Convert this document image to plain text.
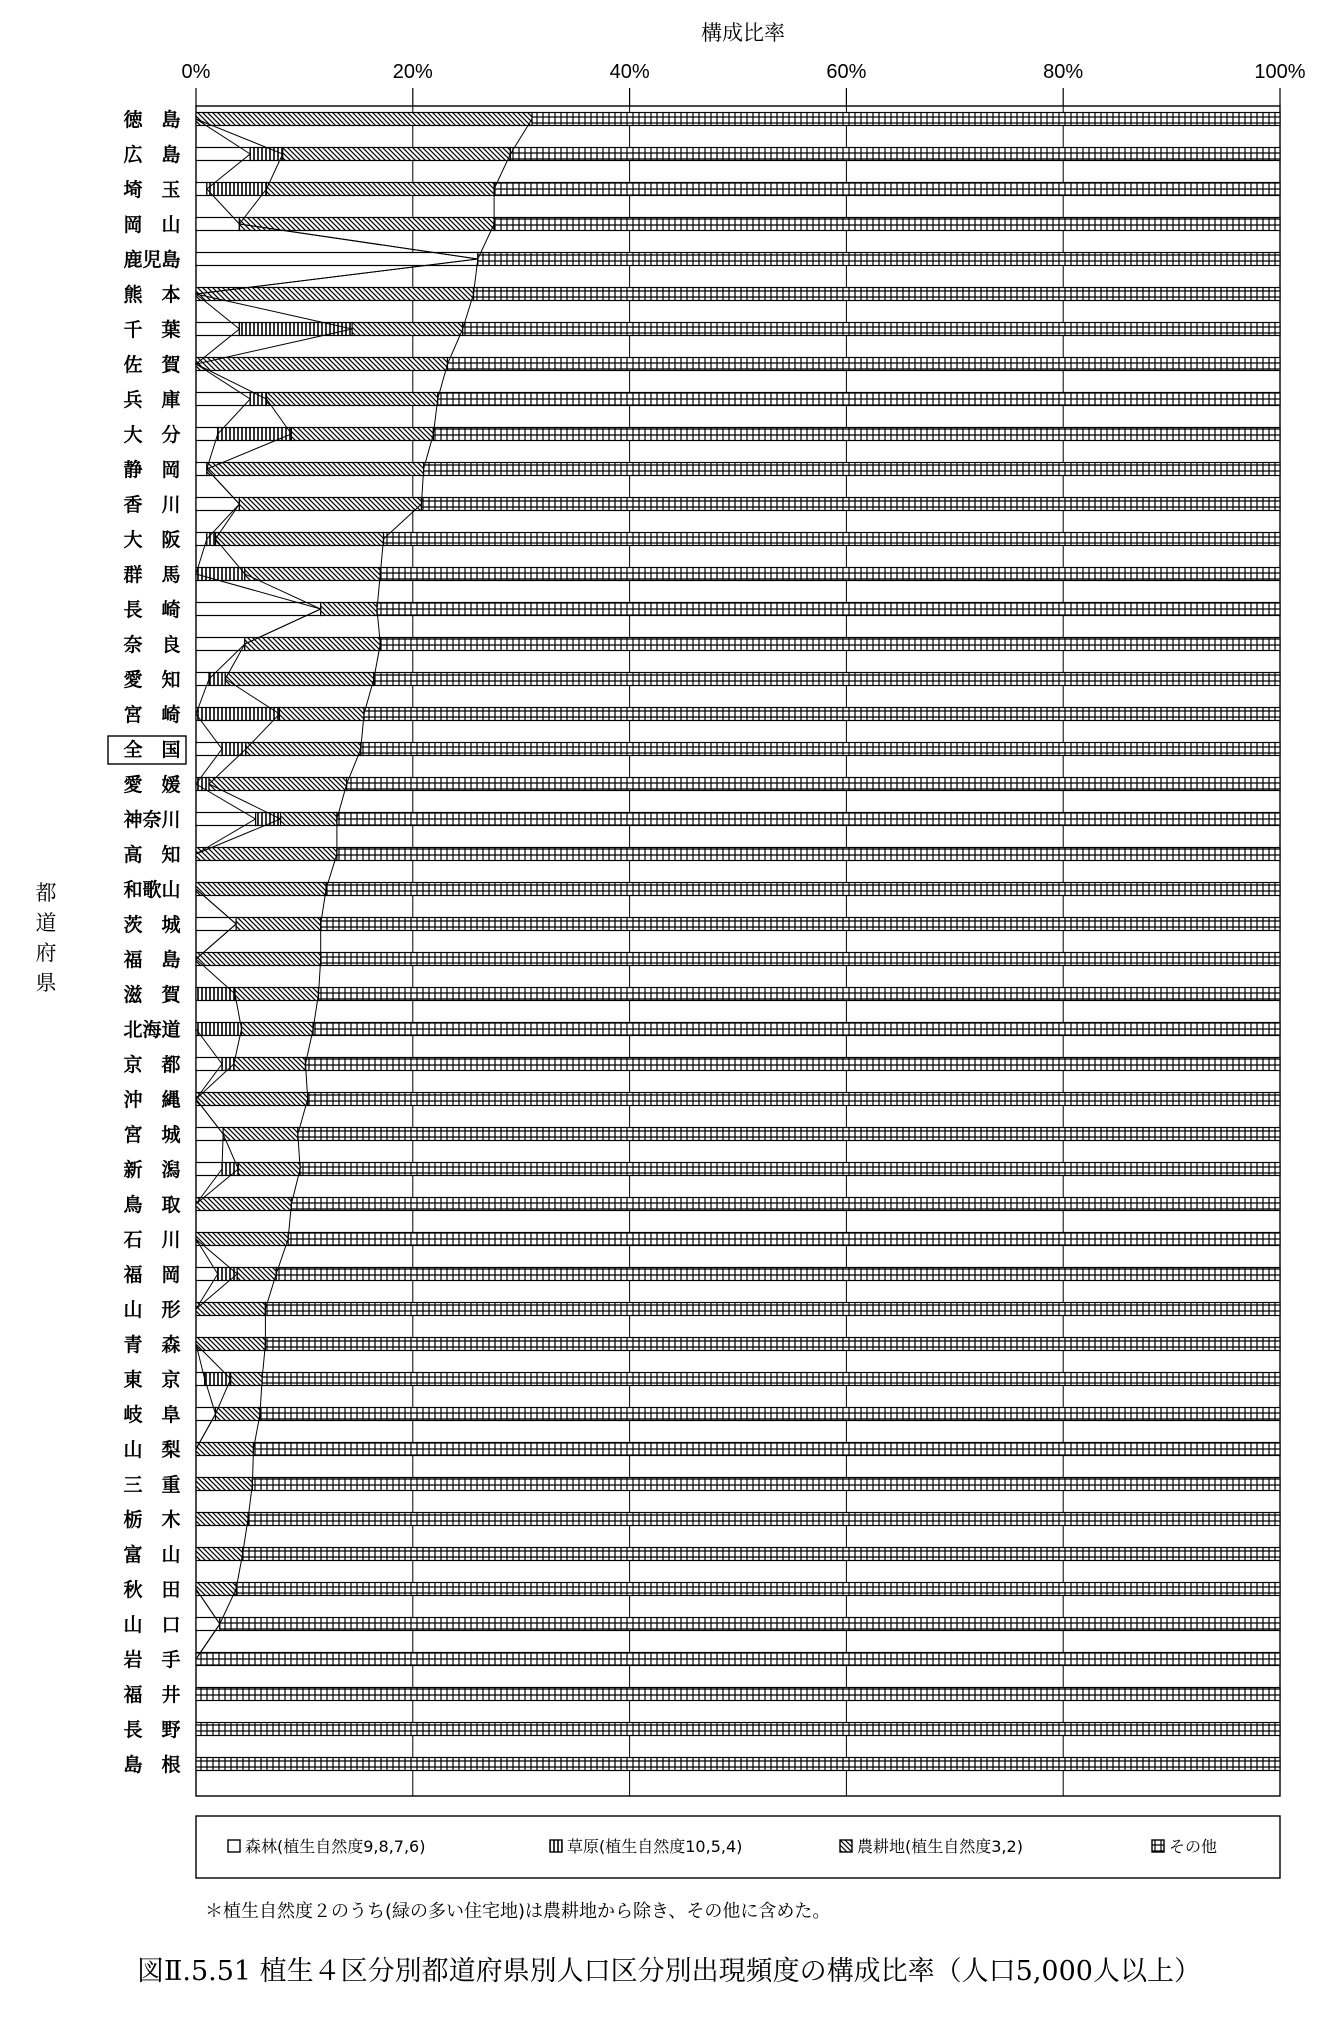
構成比率
0%	20%	40%	60%	80%	100%
徳　島
広　島
埼　玉
岡　山
鹿児島
熊　本
千　葉
佐　賀
兵　庫
大　分
静　岡
香　川
大　阪
群　馬
長　崎
奈　良
愛　知
宮　崎
全　国
愛　媛
神奈川
高　知
和歌山
茨　城
福　島
滋　賀
北海道
京　都
沖　縄
宮　城
新　潟
鳥　取
石　川
福　岡
山　形
青　森
東　京
岐　阜
山　梨
三　重
栃　木
富　山
秋　田
山　口
岩　手
福　井
長　野
島　根
都道府県
森林(植生自然度9,8,7,6)	草原(植生自然度10,5,4)	農耕地(植生自然度3,2)	その他
＊植生自然度２のうち(緑の多い住宅地)は農耕地から除き、その他に含めた。
図Ⅱ.5.51 植生４区分別都道府県別人口区分別出現頻度の構成比率（人口5,000人以上）
